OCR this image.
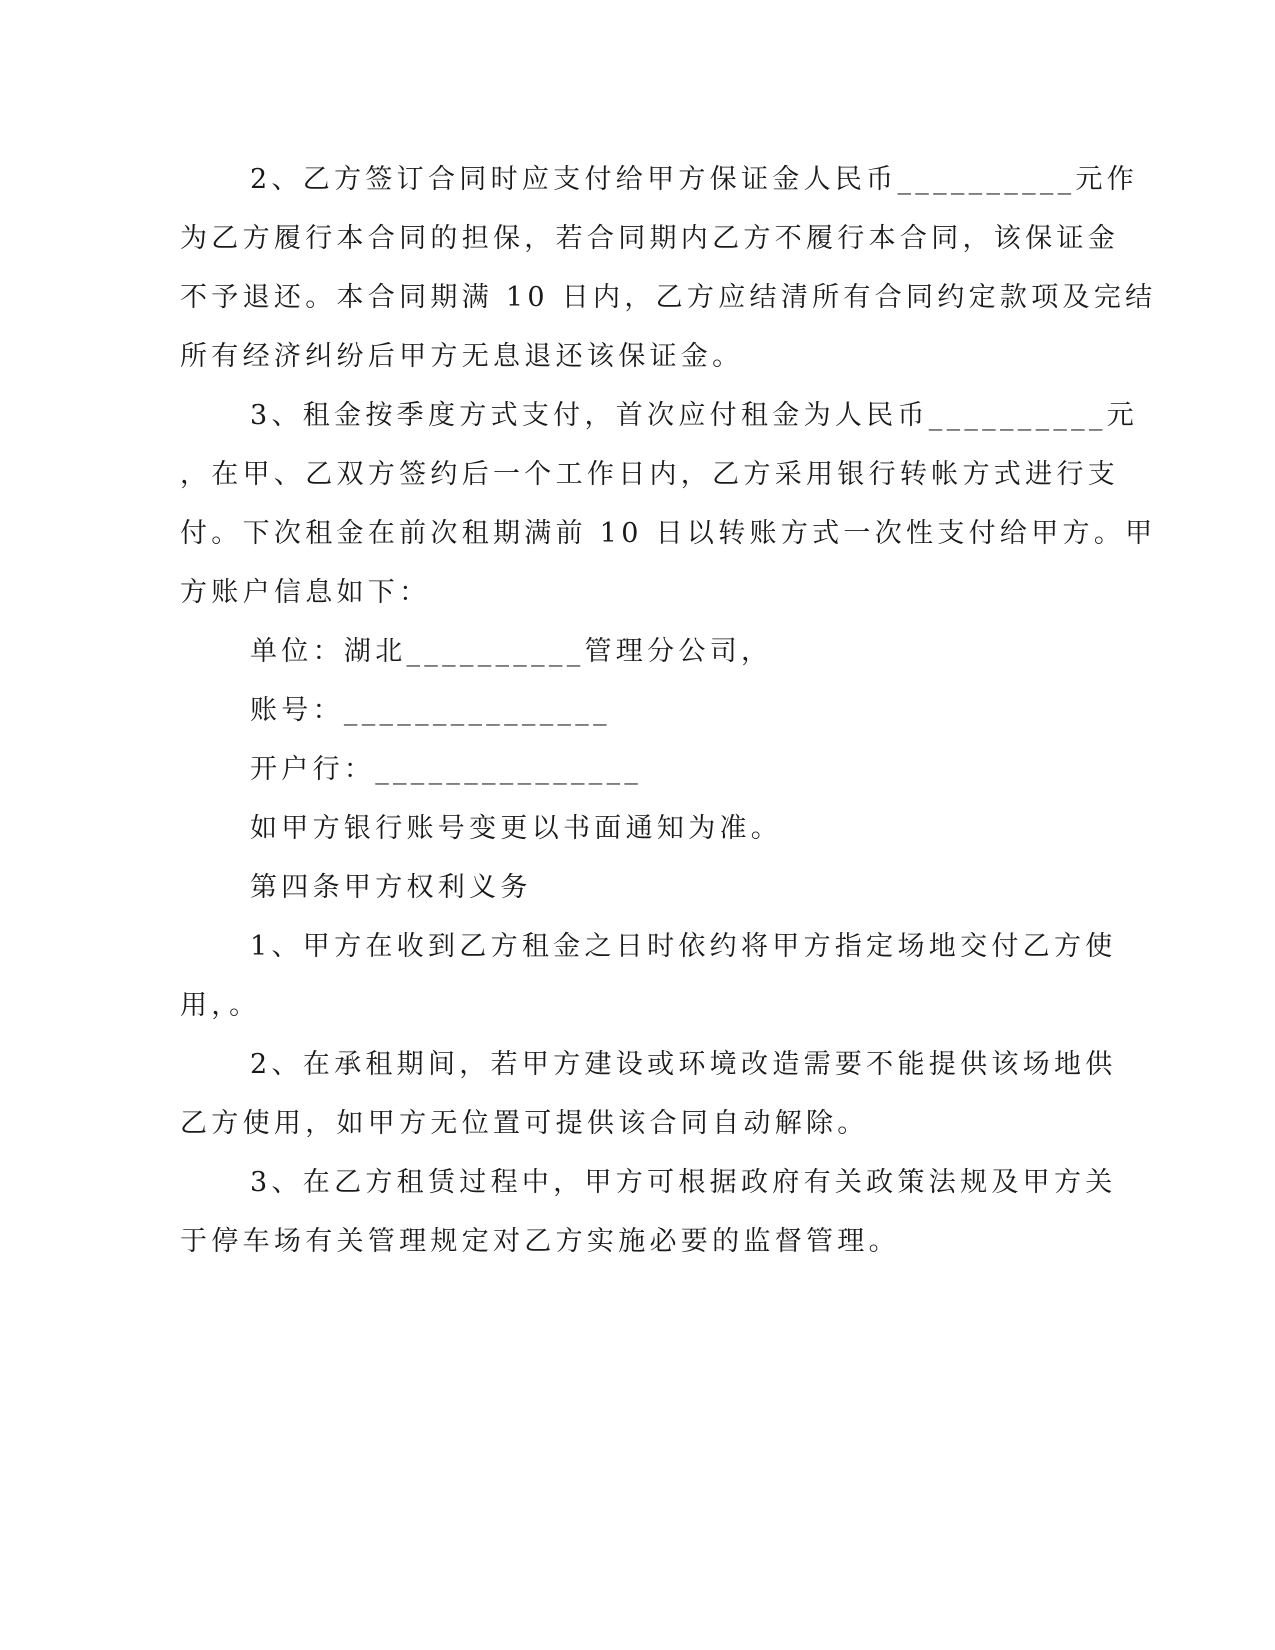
2、乙方签订合同时应支付给甲方保证金人民币__________元作
为乙方履行本合同的担保，若合同期内乙方不履行本合同，该保证金
不予退还。本合同期满 10 日内，乙方应结清所有合同约定款项及完结
所有经济纠纷后甲方无息退还该保证金。
3、租金按季度方式支付，首次应付租金为人民币__________元
，在甲、乙双方签约后一个工作日内，乙方采用银行转帐方式进行支
付。下次租金在前次租期满前 10 日以转账方式一次性支付给甲方。甲
方账户信息如下：
单位：湖北__________管理分公司，
账号：_______________
开户行：_______________
如甲方银行账号变更以书面通知为准。
第四条甲方权利义务
1、甲方在收到乙方租金之日时依约将甲方指定场地交付乙方使
用，。
2、在承租期间，若甲方建设或环境改造需要不能提供该场地供
乙方使用，如甲方无位置可提供该合同自动解除。
3、在乙方租赁过程中，甲方可根据政府有关政策法规及甲方关
于停车场有关管理规定对乙方实施必要的监督管理。
